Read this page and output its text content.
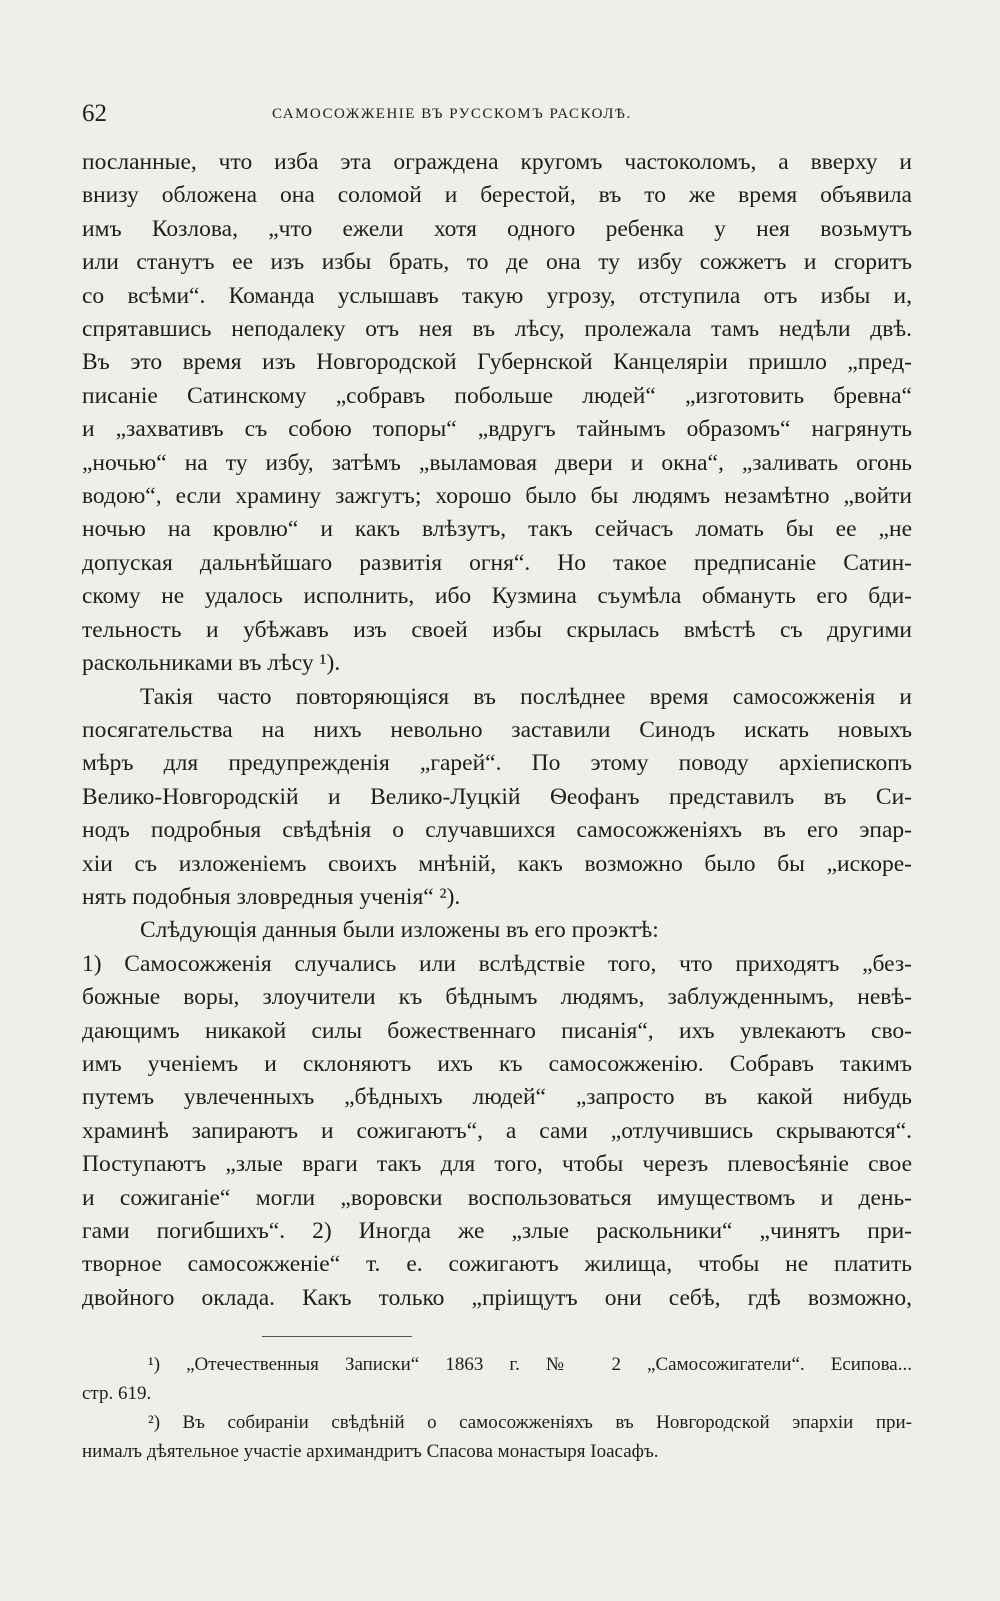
62	САМОСОЖЖЕНІЕ ВЪ РУССКОМЪ РАСКОЛѢ.
посланные, что изба эта ограждена кругомъ частоколомъ, а вверху и
внизу обложена она соломой и берестой, въ то же время объявила
имъ Козлова, „что ежели хотя одного ребенка у нея возьмутъ
или станутъ ее изъ избы брать, то де она ту избу сожжетъ и сгоритъ
со всѣми“. Команда услышавъ такую угрозу, отступила отъ избы и,
спрятавшись неподалеку отъ нея въ лѣсу, пролежала тамъ недѣли двѣ.
Въ это время изъ Новгородской Губернской Канцеляріи пришло „пред-
писаніе Сатинскому „собравъ побольше людей“ „изготовить бревна“
и „захвативъ съ собою топоры“ „вдругъ тайнымъ образомъ“ нагрянуть
„ночью“ на ту избу, затѣмъ „выламовая двери и окна“, „заливать огонь
водою“, если храмину зажгутъ; хорошо было бы людямъ незамѣтно „войти
ночью на кровлю“ и какъ влѣзутъ, такъ сейчасъ ломать бы ее „не
допуская дальнѣйшаго развитія огня“. Но такое предписаніе Сатин-
скому не удалось исполнить, ибо Кузмина съумѣла обмануть его бди-
тельность и убѣжавъ изъ своей избы скрылась вмѣстѣ съ другими
раскольниками въ лѣсу ¹).
Такія часто повторяющіяся въ послѣднее время самосожженія и
посягательства на нихъ невольно заставили Синодъ искать новыхъ
мѣръ для предупрежденія „гарей“. По этому поводу архіепископъ
Велико-Новгородскій и Велико-Луцкій Ѳеофанъ представилъ въ Си-
нодъ подробныя свѣдѣнія о случавшихся самосожженіяхъ въ его эпар-
хіи съ изложеніемъ своихъ мнѣній, какъ возможно было бы „искоре-
нять подобныя зловредныя ученія“ ²).
Слѣдующія данныя были изложены въ его проэктѣ:
1) Самосожженія случались или вслѣдствіе того, что приходятъ „без-
божные воры, злоучители къ бѣднымъ людямъ, заблужденнымъ, невѣ-
дающимъ никакой силы божественнаго писанія“, ихъ увлекаютъ сво-
имъ ученіемъ и склоняютъ ихъ къ самосожженію. Собравъ такимъ
путемъ увлеченныхъ „бѣдныхъ людей“ „запросто въ какой нибудь
храминѣ запираютъ и сожигаютъ“, а сами „отлучившись скрываются“.
Поступаютъ „злые враги такъ для того, чтобы черезъ плевосѣяніе свое
и сожиганіе“ могли „воровски воспользоваться имуществомъ и день-
гами погибшихъ“. 2) Иногда же „злые раскольники“ „чинятъ при-
творное самосожженіе“ т. е. сожигаютъ жилища, чтобы не платить
двойного оклада. Какъ только „пріищутъ они себѣ, гдѣ возможно,
¹) „Отечественныя Записки“ 1863 г. № 2 „Самосожигатели“. Есипова...
стр. 619.
²) Въ собираніи свѣдѣній о самосожженіяхъ въ Новгородской эпархіи при-
нималъ дѣятельное участіе архимандритъ Спасова монастыря Іоасафъ.
